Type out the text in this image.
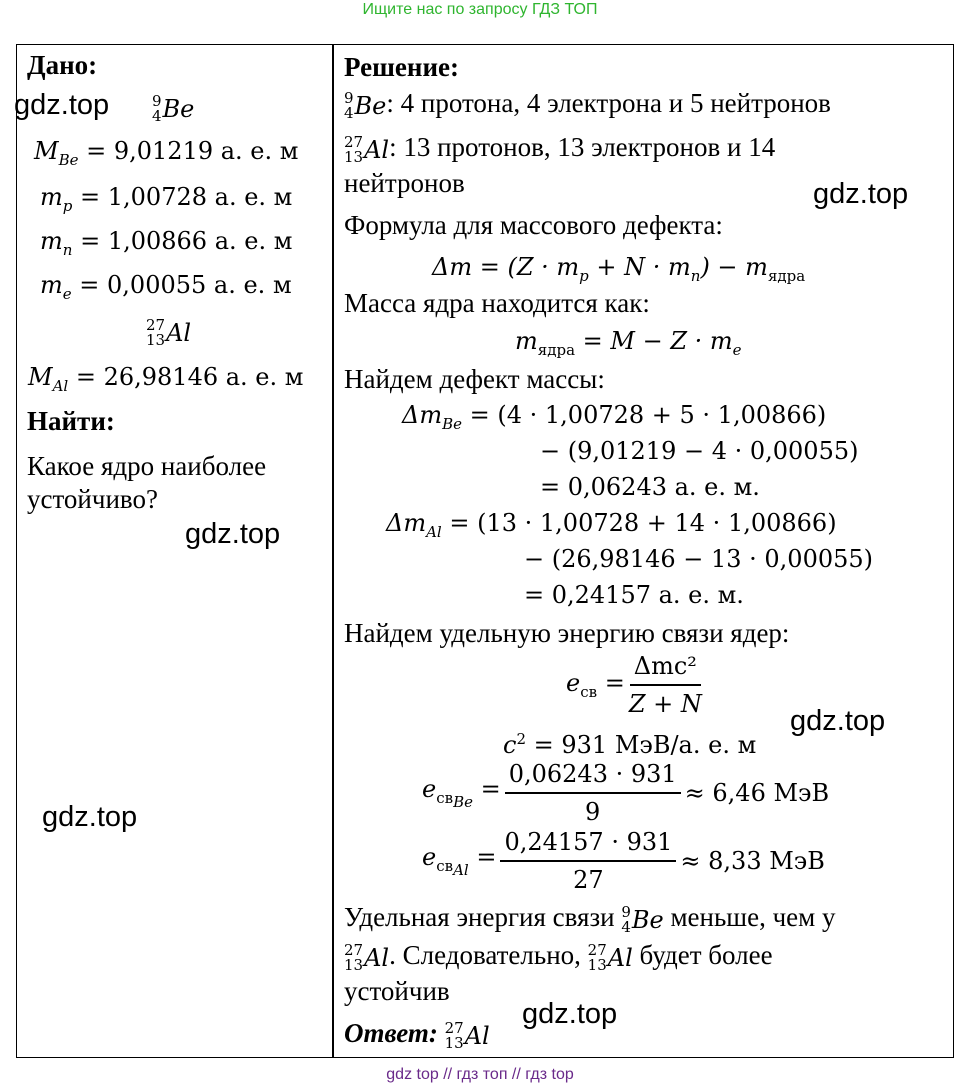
Ищите нас по запросу ГДЗ ТОП
Дано:
9
4 Be
$M_{Be} = 9,01219$ а. е. м
$m_p = 1,00728$ а. е. м
$m_n = 1,00866$ а. е. м
$m_e = 0,00055$ а. е. м
27
13 Al
$M_{Al} = 26,98146$ а. е. м
Найти:
Какое ядро наиболее
устойчиво?
Решение:
9
4 Be : 4 протона, 4 электрона и 5 нейтронов
27
13 Al : 13 протонов, 13 электронов и 14
нейтронов
Формула для массового дефекта:
$\Delta m = (Z \cdot m_p + N \cdot m_n) - m_{ядра}$
Масса ядра находится как:
$m_{ядра} = M - Z \cdot m_e$
Найдем дефект массы:
$\Delta m_{Be} = (4 \cdot 1,00728 + 5 \cdot 1,00866)$
− (9,01219 − 4 · 0,00055)
= 0,06243 а. е. м.
$\Delta m_{Al} = (13 \cdot 1,00728 + 14 \cdot 1,00866)$
− (26,98146 − 13 · 0,00055)
= 0,24157 а. е. м.
Найдем удельную энергию связи ядер:
$e_{св} = \frac{\text{Δmc²}}{Z + N}$
$c^2 = 931$ МэВ/а. е. м
$e_{св_{Be}} = \frac{0,06243 \cdot 931}{9} \approx 6,46$ МэВ
$e_{св_{Al}} = \frac{0,24157 \cdot 931}{27} \approx 8,33$ МэВ
Удельная энергия связи 9
4 Be меньше, чем у
27
13 Al . Следовательно, 27
13 Al будет более
устойчив
Ответ: 27
13 Al
gdz.top
gdz.top
gdz.top
gdz.top
gdz.top
gdz.top
gdz top // гдз топ // гдз top
